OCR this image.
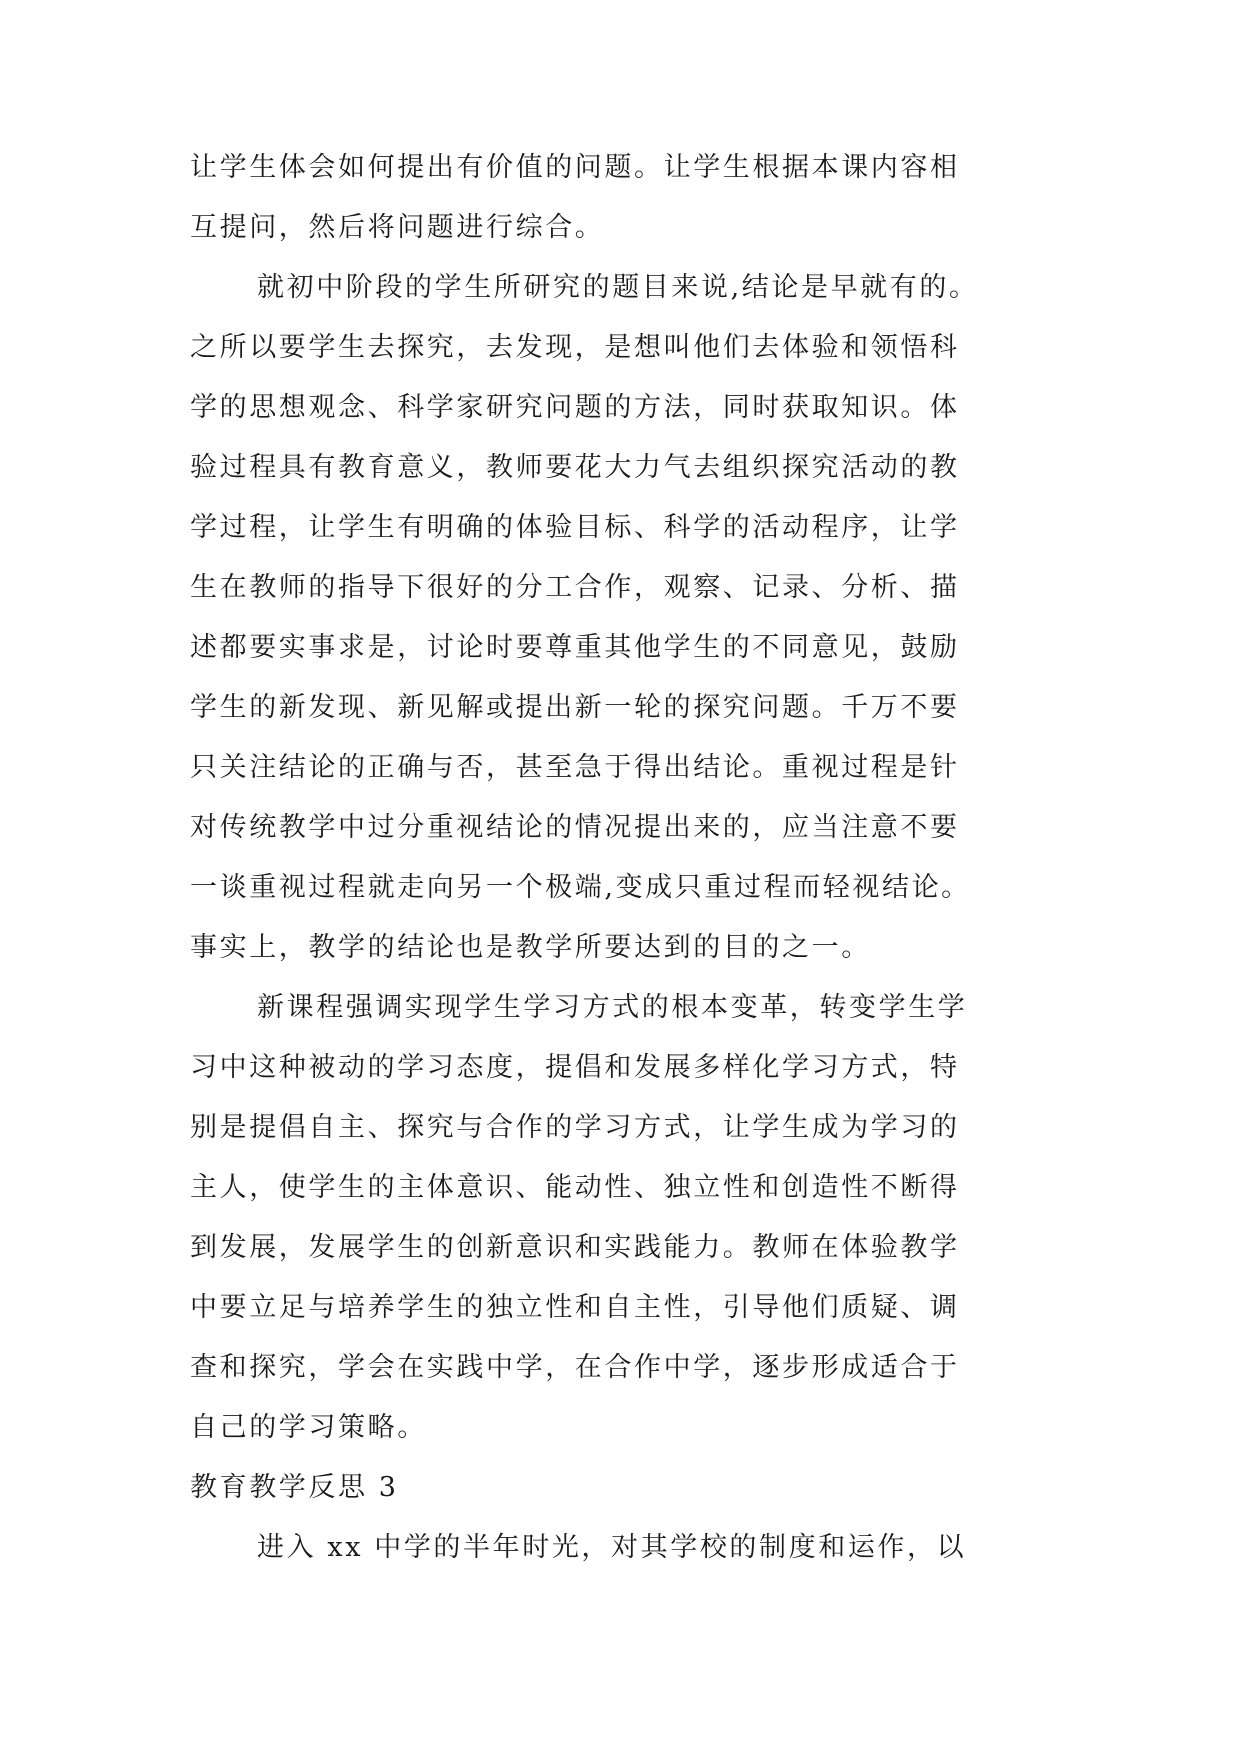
让学生体会如何提出有价值的问题。让学生根据本课内容相
互提问，然后将问题进行综合。
就初中阶段的学生所研究的题目来说,结论是早就有的。
之所以要学生去探究，去发现，是想叫他们去体验和领悟科
学的思想观念、科学家研究问题的方法，同时获取知识。体
验过程具有教育意义，教师要花大力气去组织探究活动的教
学过程，让学生有明确的体验目标、科学的活动程序，让学
生在教师的指导下很好的分工合作，观察、记录、分析、描
述都要实事求是，讨论时要尊重其他学生的不同意见，鼓励
学生的新发现、新见解或提出新一轮的探究问题。千万不要
只关注结论的正确与否，甚至急于得出结论。重视过程是针
对传统教学中过分重视结论的情况提出来的，应当注意不要
一谈重视过程就走向另一个极端,变成只重过程而轻视结论。
事实上，教学的结论也是教学所要达到的目的之一。
新课程强调实现学生学习方式的根本变革，转变学生学
习中这种被动的学习态度，提倡和发展多样化学习方式，特
别是提倡自主、探究与合作的学习方式，让学生成为学习的
主人，使学生的主体意识、能动性、独立性和创造性不断得
到发展，发展学生的创新意识和实践能力。教师在体验教学
中要立足与培养学生的独立性和自主性，引导他们质疑、调
查和探究，学会在实践中学，在合作中学，逐步形成适合于
自己的学习策略。
教育教学反思 3
进入 xx 中学的半年时光，对其学校的制度和运作，以
